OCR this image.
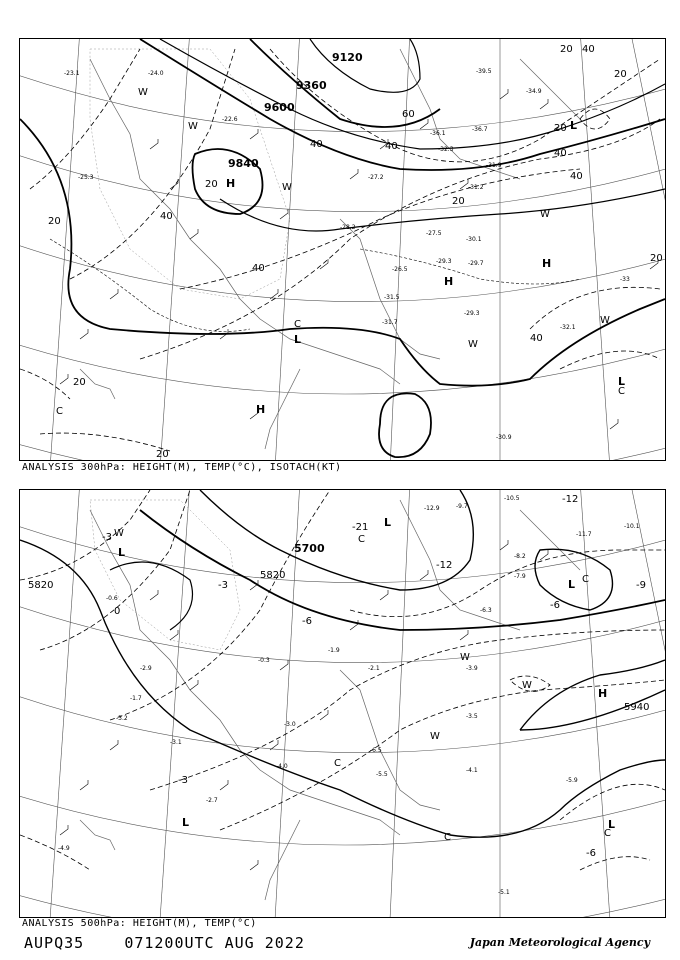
9120
9360
9600
9840
20 40
20
40
20
40
60
40
20
40
20
40
20
40
20
20
40
20
H
H
H
L
L
L
H
W
W
W
W
W
W
C
C
C
-23.1	-24.0
-22.6
-25.3
-26.5
-27.2
-29.3	-29.7
-30.1
-31.2
-31.5
-31.7
-32.1
-32.3
-33
-34.9
-36.1
-36.7
-39.5
-29.3
-30.9
-28.2
-27.5
-31.9
ANALYSIS 300hPa: HEIGHT(M), TEMP(°C), ISOTACH(KT)
5700
5820
5820
5940
-3
-3
-6
-6
-9
-12
-12
-21
-6
0
C
-3
H
L
L
L	L
L
W
W
W
W
C
C
C
C
-4.1
-5.1
-5.5
-6.5
-3.5
-3.9
-4.0
-2.7
-3.1
-10.1
-11.7
-10.5
-12.9	-9.7
-8.2
-7.9
-6.3
-5.9
-4.9
-3.0
-2.1
-1.9
-0.3
-0.6
-1.7
-2.9
-3.2
ANALYSIS 500hPa: HEIGHT(M), TEMP(°C)
AUPQ35	071200UTC AUG 2022	Japan Meteorological Agency
